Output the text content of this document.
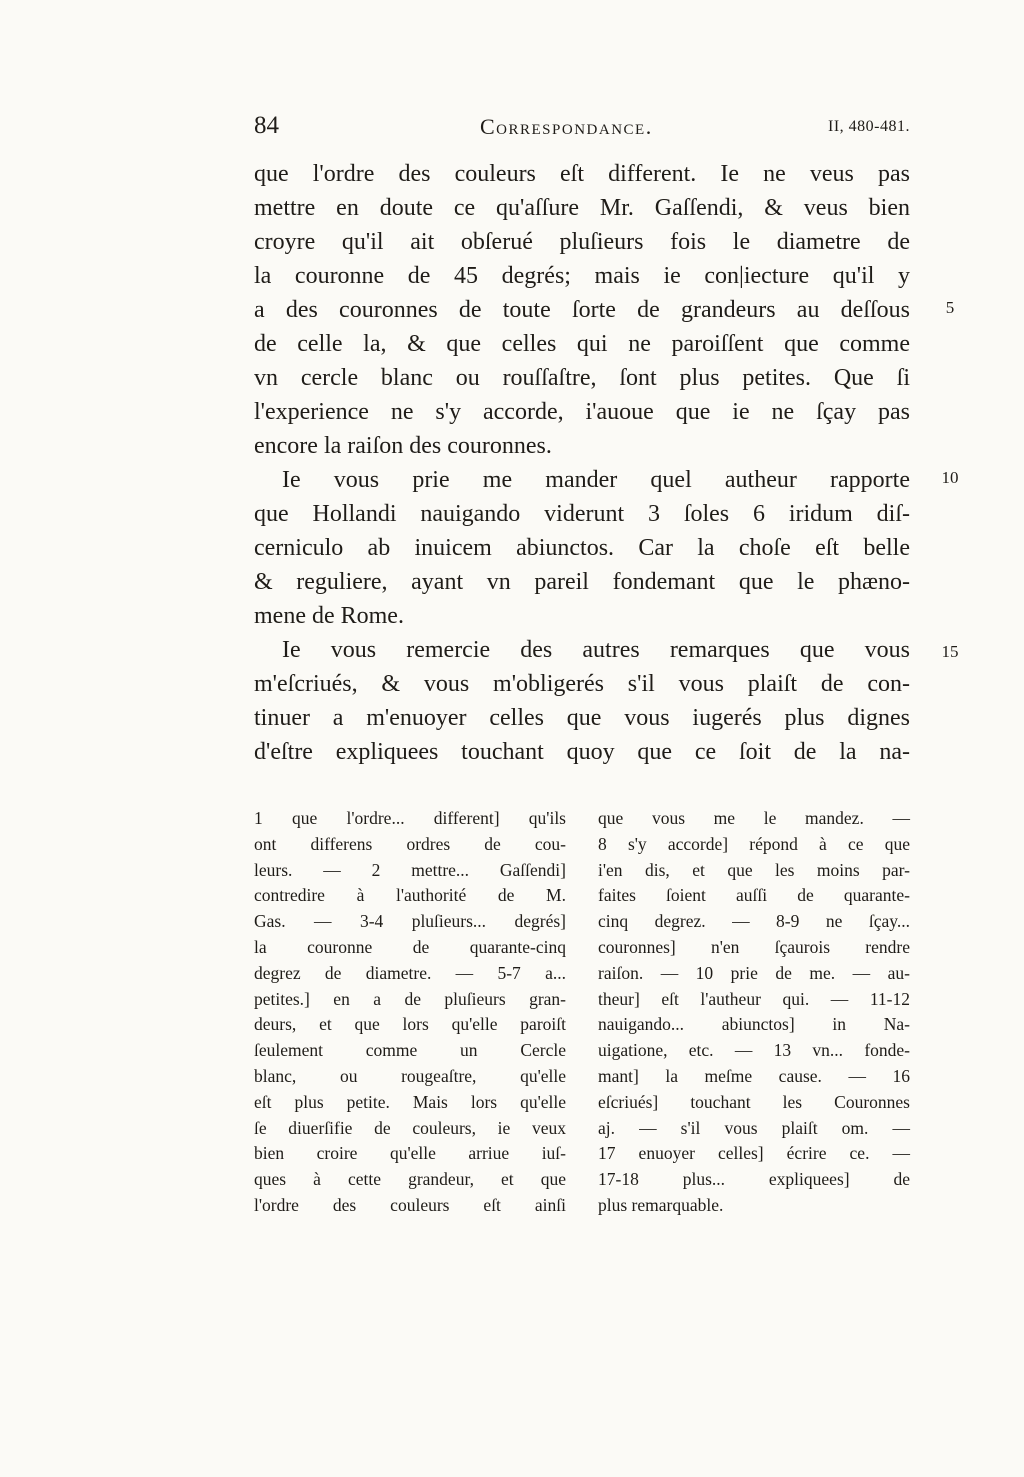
84	Correspondance.	II, 480-481.
que l'ordre des couleurs eſt different. Ie ne veus pas
mettre en doute ce qu'aſſure Mr. Gaſſendi, & veus bien
croyre qu'il ait obſerué pluſieurs fois le diametre de
la couronne de 45 degrés; mais ie con|iecture qu'il y
a des couronnes de toute ſorte de grandeurs au deſſous
de celle la, & que celles qui ne paroiſſent que comme
vn cercle blanc ou rouſſaſtre, ſont plus petites. Que ſi
l'experience ne s'y accorde, i'auoue que ie ne ſçay pas
encore la raiſon des couronnes.
Ie vous prie me mander quel autheur rapporte
que Hollandi nauigando viderunt 3 ſoles 6 iridum diſ-
cerniculo ab inuicem abiunctos. Car la choſe eſt belle
& reguliere, ayant vn pareil fondemant que le phæno-
mene de Rome.
Ie vous remercie des autres remarques que vous
m'eſcriués, & vous m'obligerés s'il vous plaiſt de con-
tinuer a m'enuoyer celles que vous iugerés plus dignes
d'eſtre expliquees touchant quoy que ce ſoit de la na-
5
10
15
1 que l'ordre... different] qu'ils
ont differens ordres de cou-
leurs. — 2 mettre... Gaſſendi]
contredire à l'authorité de M.
Gas. — 3-4 pluſieurs... degrés]
la couronne de quarante-cinq
degrez de diametre. — 5-7 a...
petites.] en a de pluſieurs gran-
deurs, et que lors qu'elle paroiſt
ſeulement comme un Cercle
blanc, ou rougeaſtre, qu'elle
eſt plus petite. Mais lors qu'elle
ſe diuerſifie de couleurs, ie veux
bien croire qu'elle arriue iuſ-
ques à cette grandeur, et que
l'ordre des couleurs eſt ainſi
que vous me le mandez. —
8 s'y accorde] répond à ce que
i'en dis, et que les moins par-
faites ſoient auſſi de quarante-
cinq degrez. — 8-9 ne ſçay...
couronnes] n'en ſçaurois rendre
raiſon. — 10 prie de me. — au-
theur] eſt l'autheur qui. — 11-12
nauigando... abiunctos] in Na-
uigatione, etc. — 13 vn... fonde-
mant] la meſme cause. — 16
eſcriués] touchant les Couronnes
aj. — s'il vous plaiſt om. —
17 enuoyer celles] écrire ce. —
17-18 plus... expliquees] de
plus remarquable.
